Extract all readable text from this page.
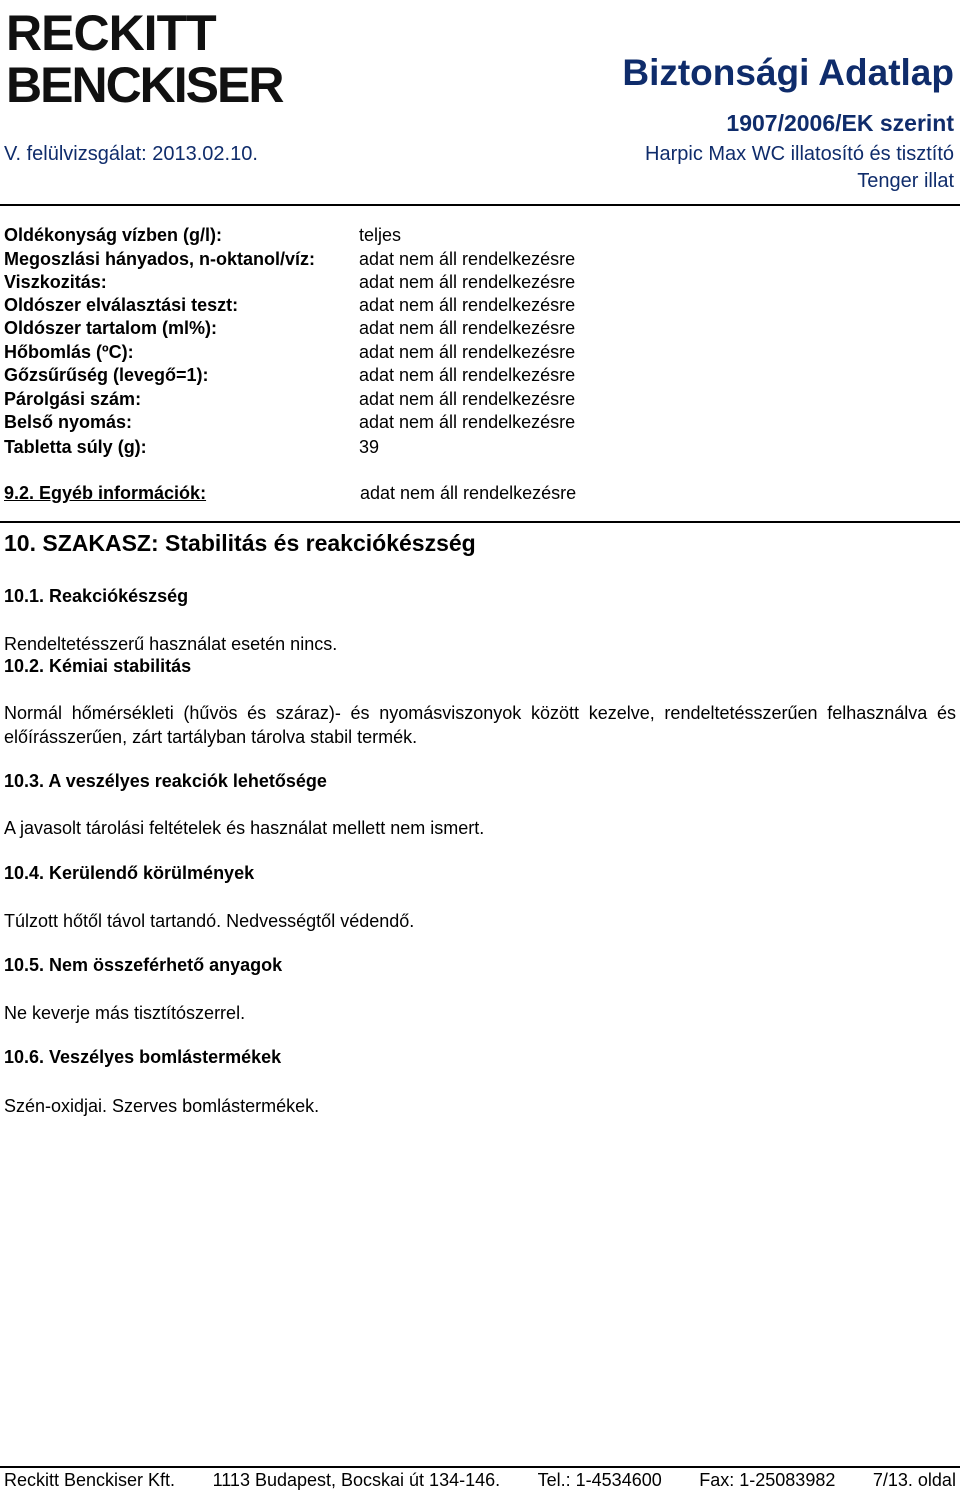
RECKITT
BENCKISER	Biztonsági Adatlap
1907/2006/EK szerint
V. felülvizsgálat: 2013.02.10.	Harpic Max WC illatosító és tisztító
Tenger illat
Oldékonyság vízben (g/l):	teljes
Megoszlási hányados, n-oktanol/víz: adat nem áll rendelkezésre
Viszkozitás:	adat nem áll rendelkezésre
Oldószer elválasztási teszt:	adat nem áll rendelkezésre
Oldószer tartalom (ml%):	adat nem áll rendelkezésre
Hőbomlás (ºC):	adat nem áll rendelkezésre
Gőzsűrűség (levegő=1):	adat nem áll rendelkezésre
Párolgási szám:	adat nem áll rendelkezésre
Belső nyomás:	adat nem áll rendelkezésre
Tabletta súly (g):	39
9.2. Egyéb információk:	adat nem áll rendelkezésre
10. SZAKASZ: Stabilitás és reakciókészség
10.1. Reakciókészség
Rendeltetésszerű használat esetén nincs.
10.2. Kémiai stabilitás
Normál hőmérsékleti (hűvös és száraz)- és nyomásviszonyok között kezelve, rendeltetésszerűen felhasználva és előírásszerűen, zárt tartályban tárolva stabil termék.
10.3. A veszélyes reakciók lehetősége
A javasolt tárolási feltételek és használat mellett nem ismert.
10.4. Kerülendő körülmények
Túlzott hőtől távol tartandó. Nedvességtől védendő.
10.5. Nem összeférhető anyagok
Ne keverje más tisztítószerrel.
10.6. Veszélyes bomlástermékek
Szén-oxidjai. Szerves bomlástermékek.
Reckitt Benckiser Kft. 1113 Budapest, Bocskai út 134-146. Tel.: 1-4534600 Fax: 1-25083982 7/13. oldal
